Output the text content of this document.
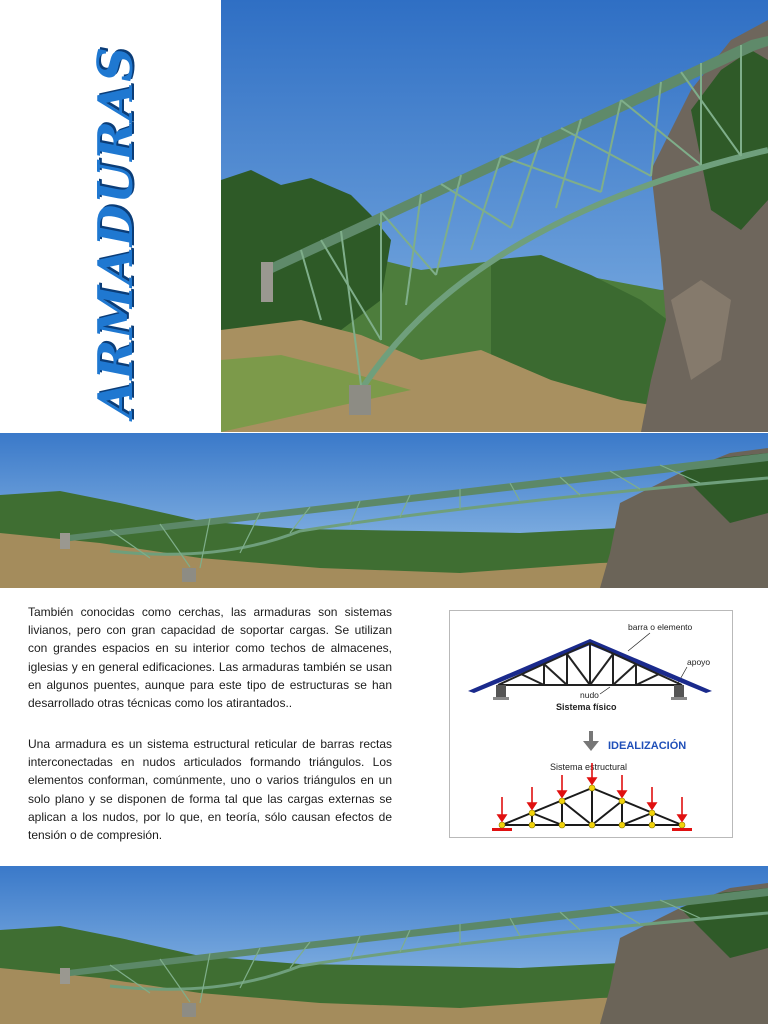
ARMADURAS

También conocidas como cerchas, las armaduras son sistemas livianos, pero con gran capacidad de soportar cargas. Se utilizan con grandes espacios en su interior como techos de almacenes, iglesias y en general edificaciones. Las armaduras también se usan en algunos puentes, aunque para este tipo de estructuras se han desarrollado otras técnicas como los atirantados..

Una armadura es un sistema estructural reticular de barras rectas interconectadas en nudos articulados formando triángulos. Los elementos conforman, comúnmente, uno o varios triángulos en un solo plano y se disponen de forma tal que las cargas externas se aplican a los nudos, por lo que, en teoría, sólo causan efectos de tensión o de compresión.

barra o elemento
apoyo
nudo
Sistema físico
IDEALIZACIÓN
Sistema estructural
